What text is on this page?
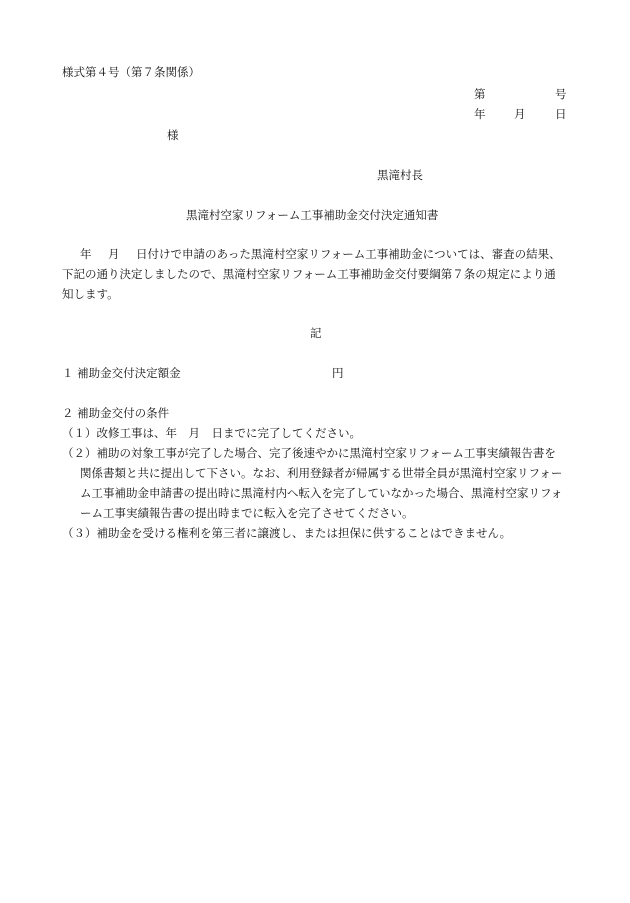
様式第４号（第７条関係）
第	号
年 月	日
様
黒滝村長
黒滝村空家リフォーム工事補助金交付決定通知書
年 月 日付けで申請のあった黒滝村空家リフォーム工事補助金については、審査の結果、
下記の通り決定しましたので、黒滝村空家リフォーム工事補助金交付要綱第７条の規定により通
知します。
記
１ 補助金交付決定額金	円
２ 補助金交付の条件
（１）改修工事は、年　月　日までに完了してください。
（２）補助の対象工事が完了した場合、完了後速やかに黒滝村空家リフォーム工事実績報告書を
関係書類と共に提出して下さい。なお、利用登録者が帰属する世帯全員が黒滝村空家リフォー
ム工事補助金申請書の提出時に黒滝村内へ転入を完了していなかった場合、黒滝村空家リフォ
ーム工事実績報告書の提出時までに転入を完了させてください。
（３）補助金を受ける権利を第三者に譲渡し、または担保に供することはできません。
